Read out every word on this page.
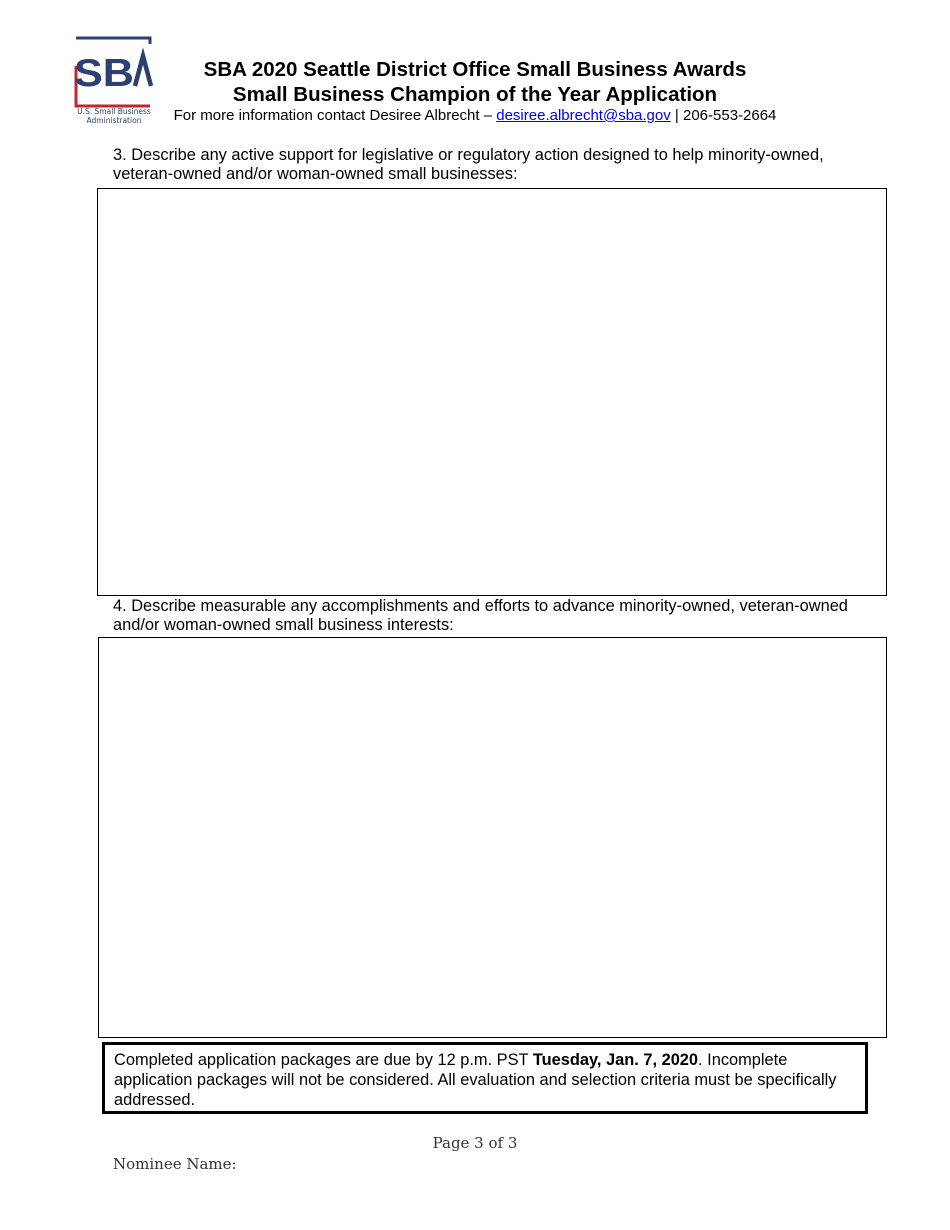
SB
U.S. Small Business
Administration
SBA 2020 Seattle District Office Small Business Awards
Small Business Champion of the Year Application
For more information contact Desiree Albrecht – desiree.albrecht@sba.gov | 206-553-2664
3. Describe any active support for legislative or regulatory action designed to help minority-owned, veteran-owned and/or woman-owned small businesses:
4. Describe measurable any accomplishments and efforts to advance minority-owned, veteran-owned and/or woman-owned small business interests:
Completed application packages are due by 12 p.m. PST Tuesday, Jan. 7, 2020. Incomplete application packages will not be considered. All evaluation and selection criteria must be specifically addressed.
Page 3 of 3
Nominee Name:
